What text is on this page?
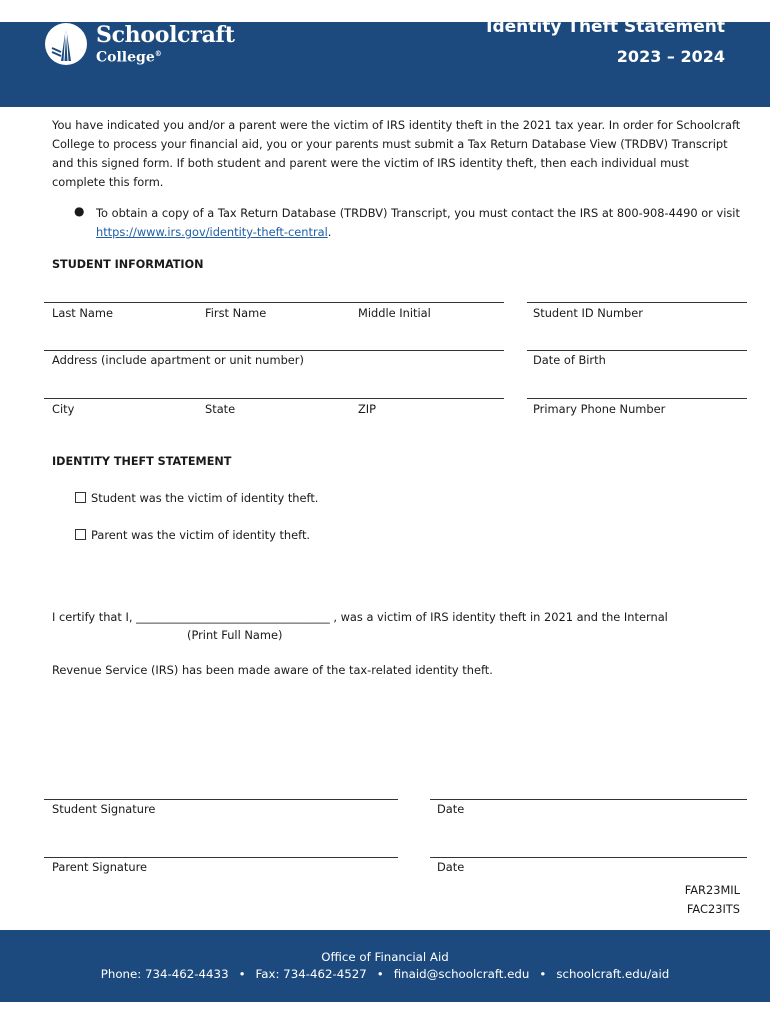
Schoolcraft
College®
Identity Theft Statement
2023 – 2024
You have indicated you and/or a parent were the victim of IRS identity theft in the 2021 tax year. In order for Schoolcraft College to process your financial aid, you or your parents must submit a Tax Return Database View (TRDBV) Transcript and this signed form. If both student and parent were the victim of IRS identity theft, then each individual must complete this form.
● To obtain a copy of a Tax Return Database (TRDBV) Transcript, you must contact the IRS at 800-908-4490 or visit https://www.irs.gov/identity-theft-central.
STUDENT INFORMATION
Last Name	First Name	Middle Initial	Student ID Number
Address (include apartment or unit number)	Date of Birth
City	State	ZIP	Primary Phone Number
IDENTITY THEFT STATEMENT
Student was the victim of identity theft.
Parent was the victim of identity theft.
I certify that I, __________________________________ , was a victim of IRS identity theft in 2021 and the Internal
(Print Full Name)
Revenue Service (IRS) has been made aware of the tax-related identity theft.
Student Signature	Date
Parent Signature	Date
FAR23MIL
FAC23ITS
Office of Financial Aid
Phone: 734-462-4433 • Fax: 734-462-4527 • finaid@schoolcraft.edu • schoolcraft.edu/aid
